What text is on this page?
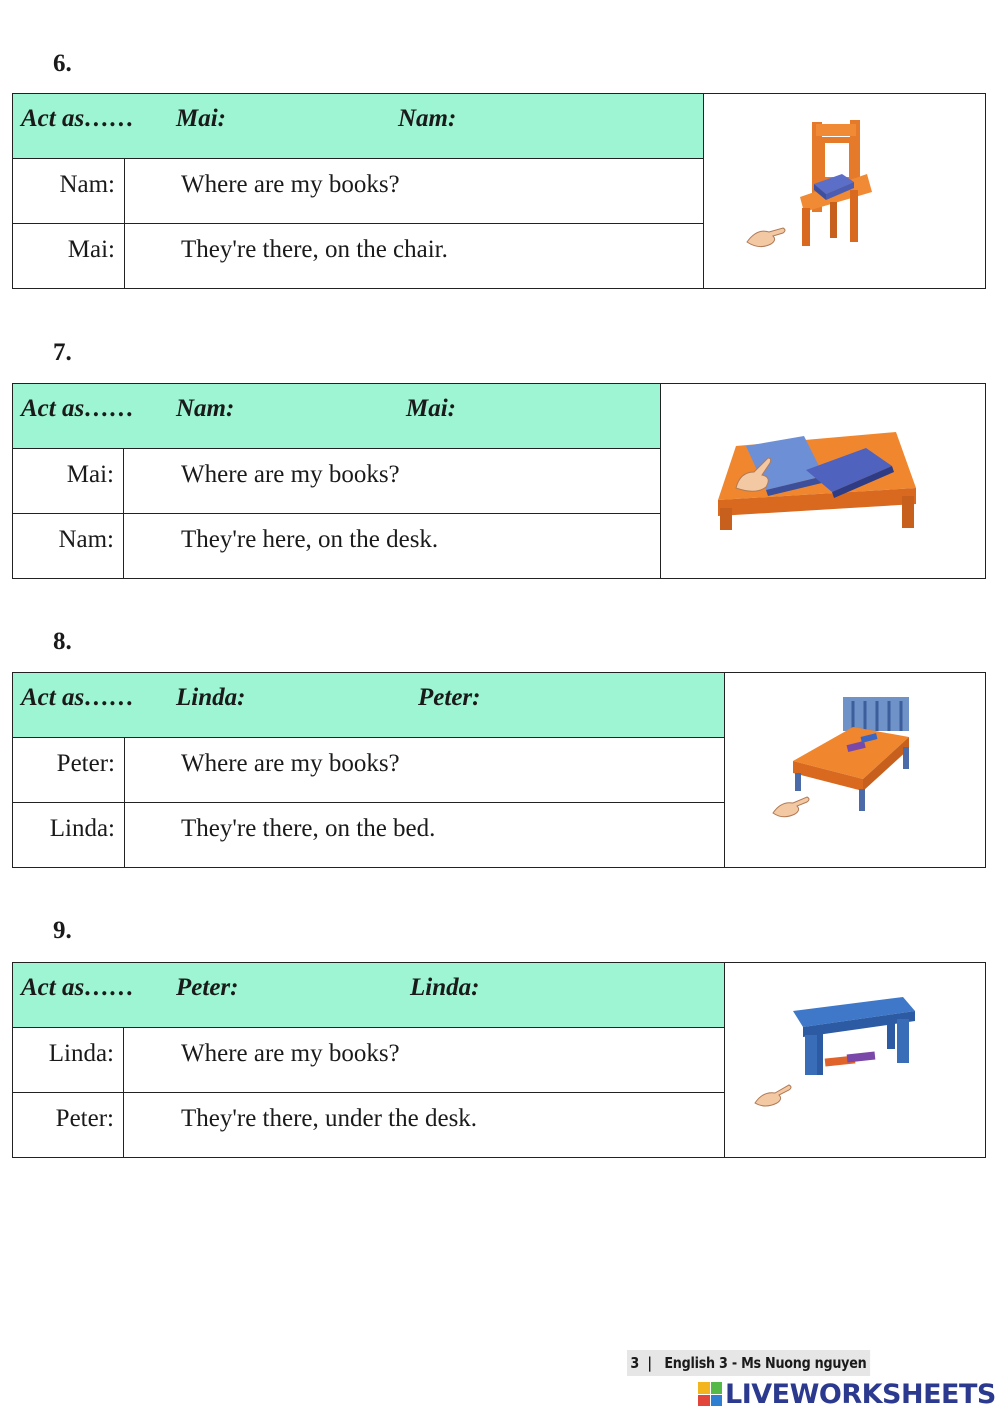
6.
Act as…… Mai:	Nam:
Nam:	Where are my books?
Mai:	They're there, on the chair.
7.
Act as…… Nam:	Mai:
Mai:	Where are my books?
Nam:	They're here, on the desk.
8.
Act as…… Linda:	Peter:
Peter:	Where are my books?
Linda:	They're there, on the bed.
9.
Act as…… Peter:	Linda:
Linda:	Where are my books?
Peter:	They're there, under the desk.
3  |   English 3 - Ms Nuong nguyen
LIVEWORKSHEETS
